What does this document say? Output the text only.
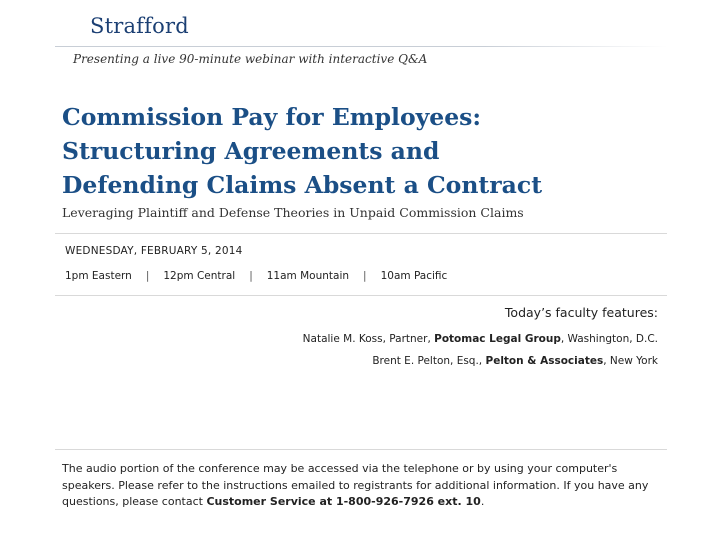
Strafford
Presenting a live 90-minute webinar with interactive Q&A
Commission Pay for Employees:
Structuring Agreements and
Defending Claims Absent a Contract
Leveraging Plaintiff and Defense Theories in Unpaid Commission Claims
WEDNESDAY, FEBRUARY 5, 2014
1pm Eastern | 12pm Central | 11am Mountain | 10am Pacific
Today’s faculty features:
Natalie M. Koss, Partner, Potomac Legal Group, Washington, D.C.
Brent E. Pelton, Esq., Pelton & Associates, New York
The audio portion of the conference may be accessed via the telephone or by using your computer's speakers. Please refer to the instructions emailed to registrants for additional information. If you have any questions, please contact Customer Service at 1-800-926-7926 ext. 10.
